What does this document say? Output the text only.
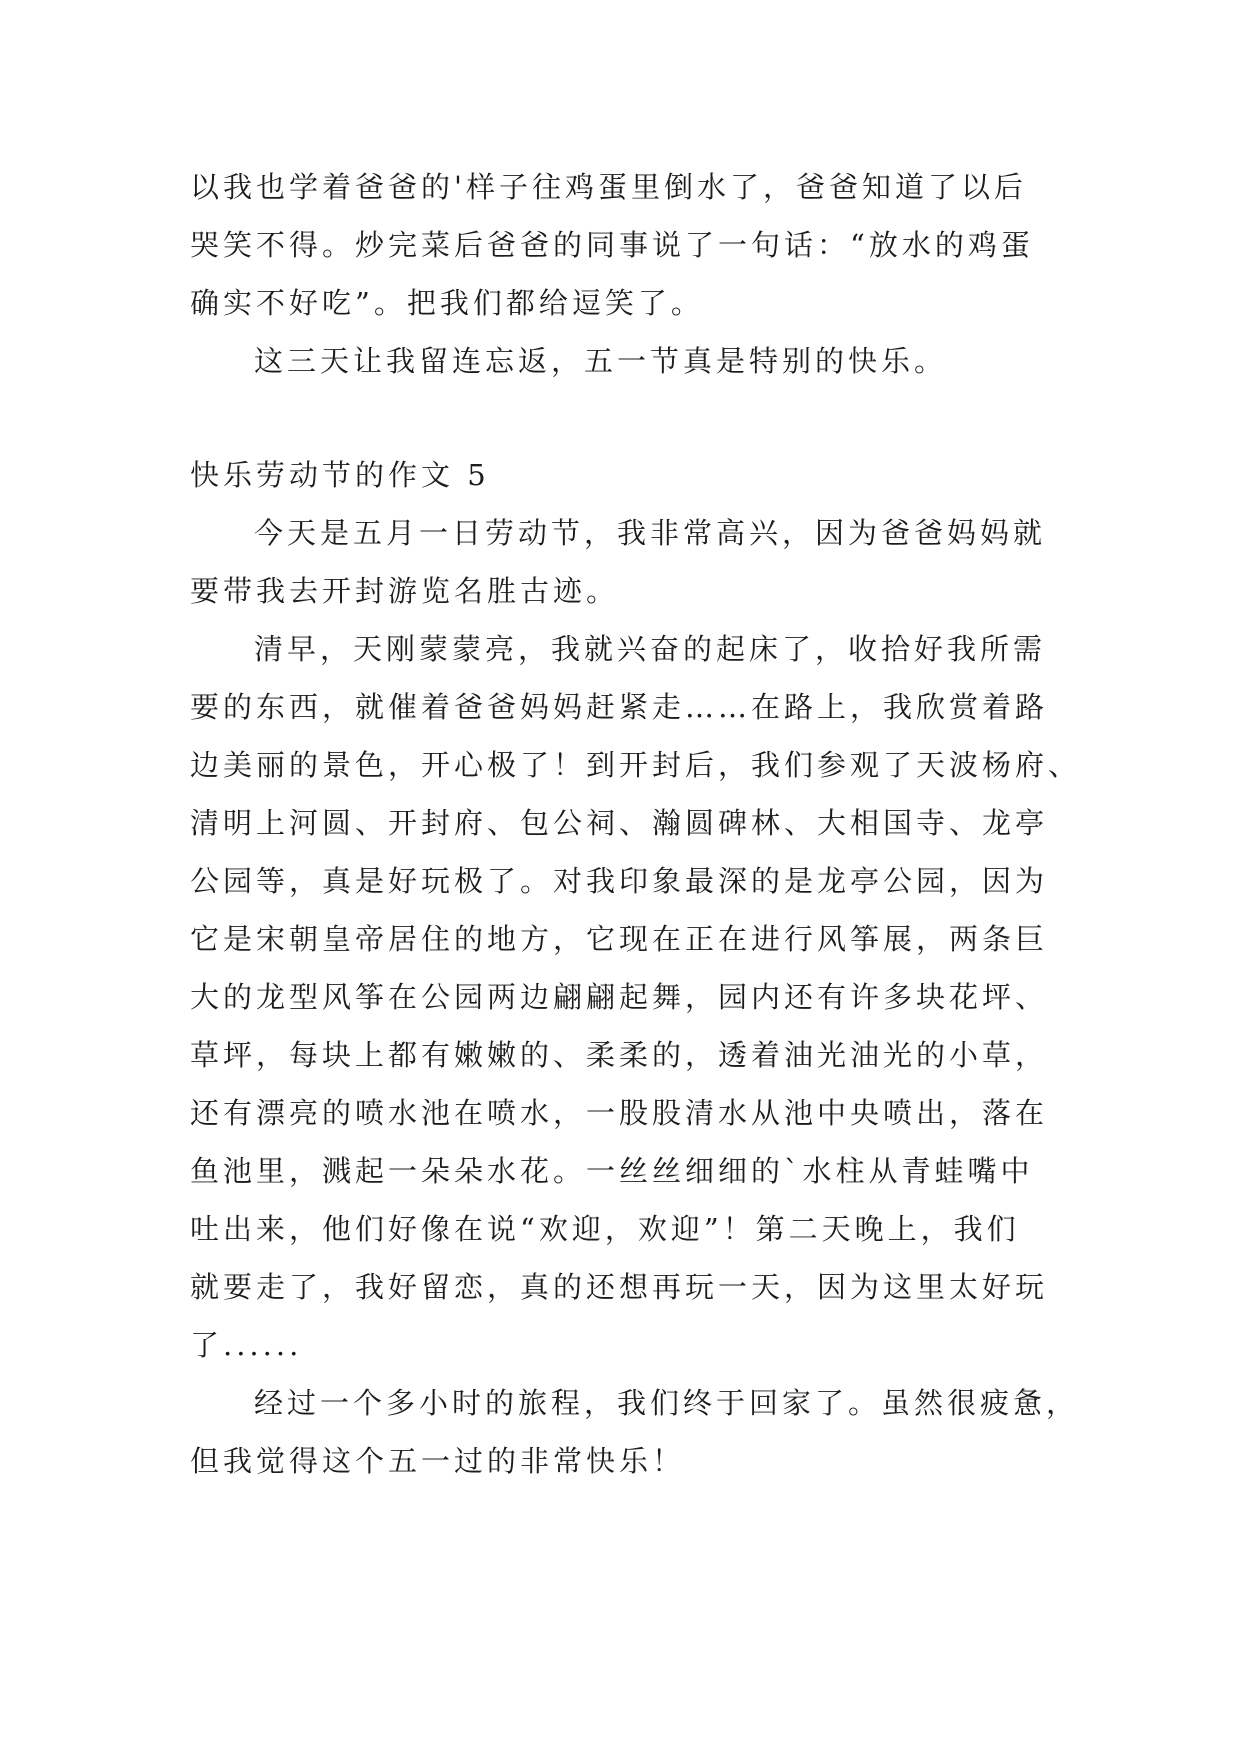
以我也学着爸爸的'样子往鸡蛋里倒水了，爸爸知道了以后
哭笑不得。炒完菜后爸爸的同事说了一句话：“放水的鸡蛋
确实不好吃”。把我们都给逗笑了。
这三天让我留连忘返，五一节真是特别的快乐。
快乐劳动节的作文 5
今天是五月一日劳动节，我非常高兴，因为爸爸妈妈就
要带我去开封游览名胜古迹。
清早，天刚蒙蒙亮，我就兴奋的起床了，收拾好我所需
要的东西，就催着爸爸妈妈赶紧走……在路上，我欣赏着路
边美丽的景色，开心极了！到开封后，我们参观了天波杨府、
清明上河圆、开封府、包公祠、瀚圆碑林、大相国寺、龙亭
公园等，真是好玩极了。对我印象最深的是龙亭公园，因为
它是宋朝皇帝居住的地方，它现在正在进行风筝展，两条巨
大的龙型风筝在公园两边翩翩起舞，园内还有许多块花坪、
草坪，每块上都有嫩嫩的、柔柔的，透着油光油光的小草，
还有漂亮的喷水池在喷水，一股股清水从池中央喷出，落在
鱼池里，溅起一朵朵水花。一丝丝细细的`水柱从青蛙嘴中
吐出来，他们好像在说“欢迎，欢迎”！第二天晚上，我们
就要走了，我好留恋，真的还想再玩一天，因为这里太好玩
了......
经过一个多小时的旅程，我们终于回家了。虽然很疲惫，
但我觉得这个五一过的非常快乐！
